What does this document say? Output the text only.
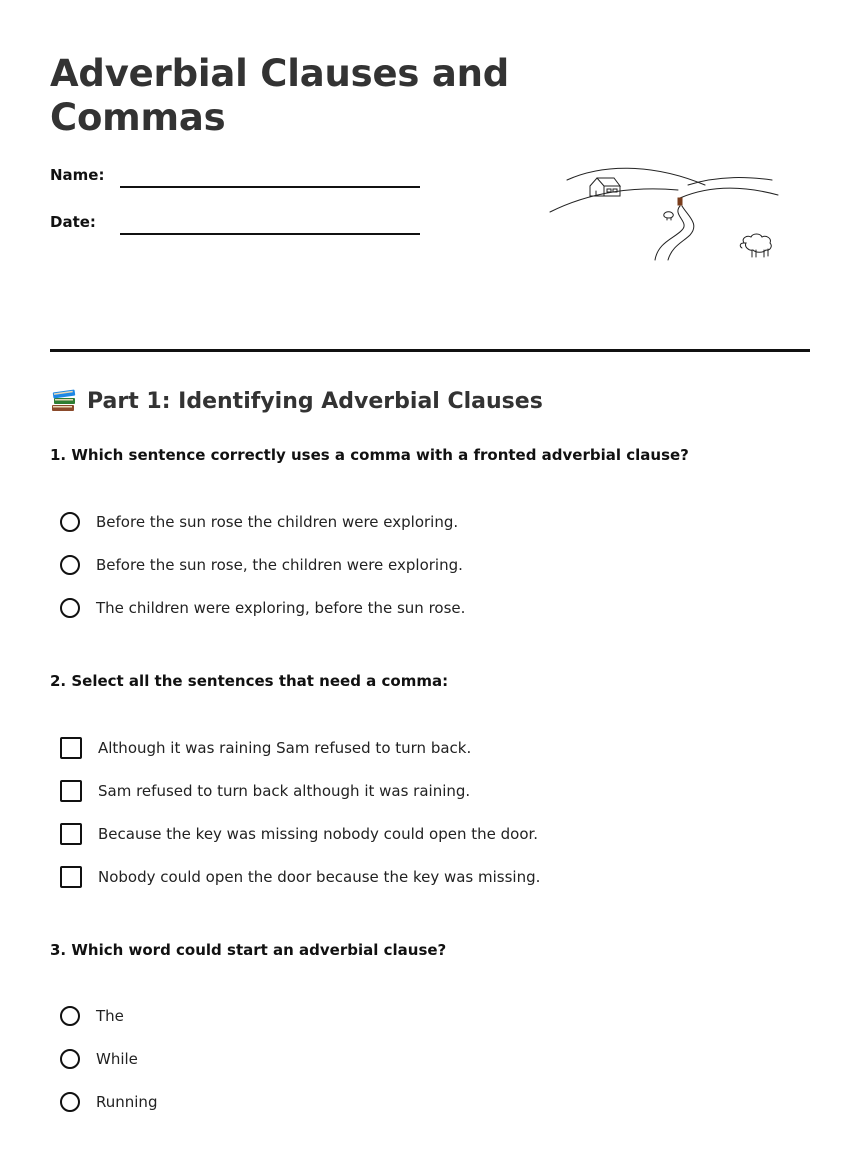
Adverbial Clauses and Commas
Name:
Date:
Part 1: Identifying Adverbial Clauses

1. Which sentence correctly uses a comma with a fronted adverbial clause?

Before the sun rose the children were exploring.
Before the sun rose, the children were exploring.
The children were exploring, before the sun rose.

2. Select all the sentences that need a comma:

Although it was raining Sam refused to turn back.
Sam refused to turn back although it was raining.
Because the key was missing nobody could open the door.
Nobody could open the door because the key was missing.

3. Which word could start an adverbial clause?

The
While
Running
